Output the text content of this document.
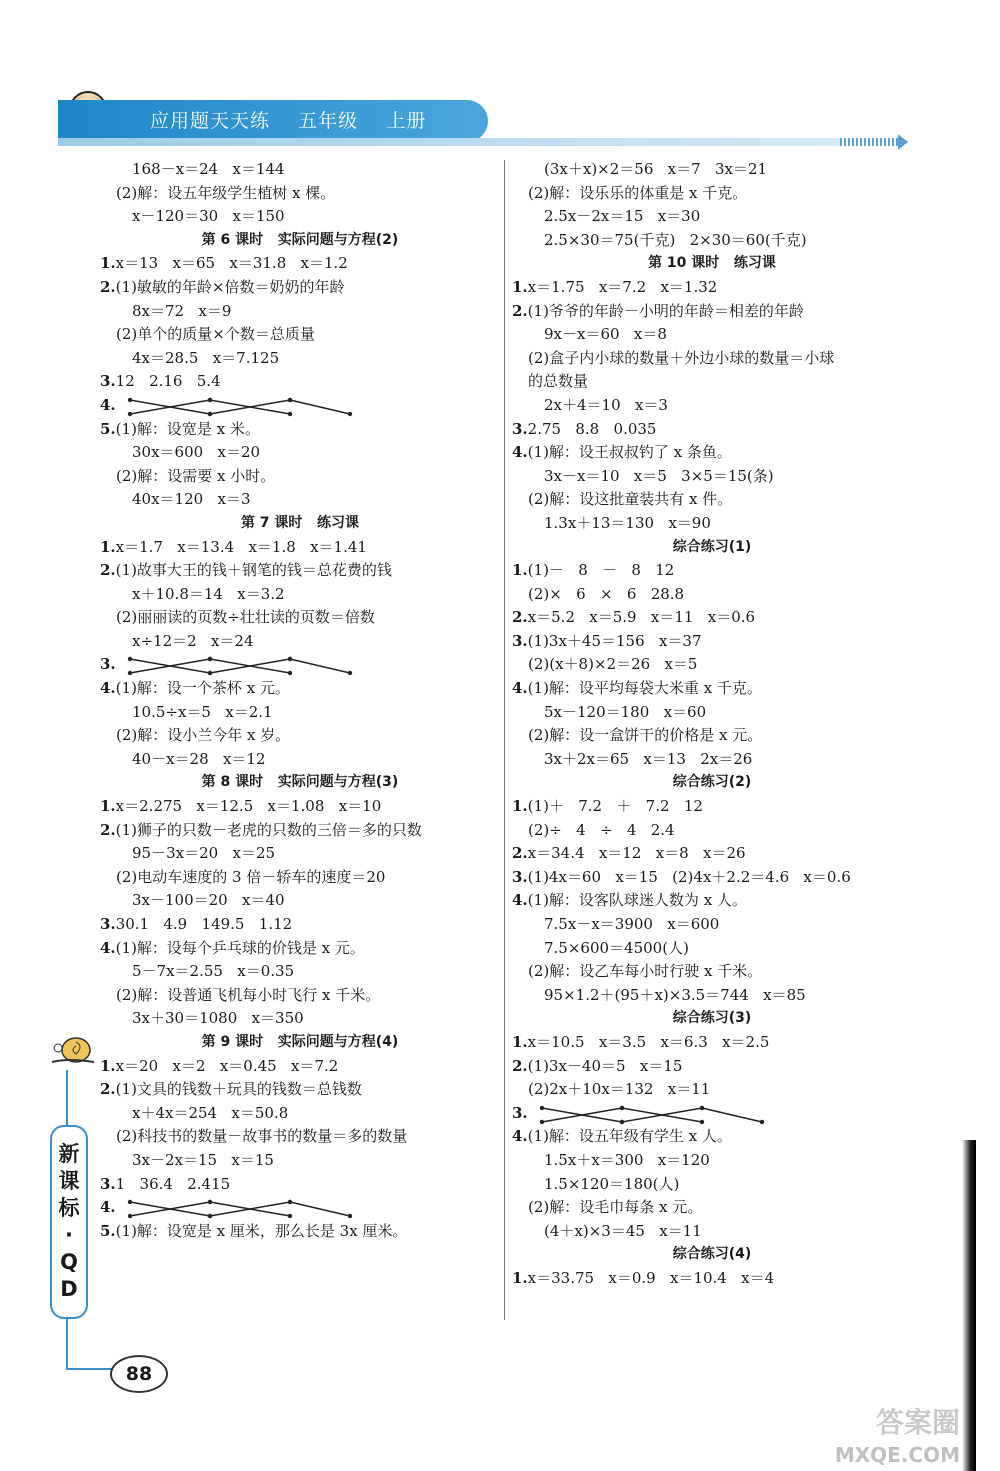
应用题天天练    五年级    上册
168－x＝24   x＝144
(2)解：设五年级学生植树 x 棵。
x－120＝30   x＝150
第 6 课时   实际问题与方程(2)
1.x＝13   x＝65   x＝31.8   x＝1.2
2.(1)敏敏的年龄×倍数＝奶奶的年龄
8x＝72   x＝9
(2)单个的质量×个数＝总质量
4x＝28.5   x＝7.125
3.12   2.16   5.4
4.
5.(1)解：设宽是 x 米。
30x＝600   x＝20
(2)解：设需要 x 小时。
40x＝120   x＝3
第 7 课时   练习课
1.x＝1.7   x＝13.4   x＝1.8   x＝1.41
2.(1)故事大王的钱＋钢笔的钱＝总花费的钱
x＋10.8＝14   x＝3.2
(2)丽丽读的页数÷壮壮读的页数＝倍数
x÷12＝2   x＝24
3.
4.(1)解：设一个茶杯 x 元。
10.5÷x＝5   x＝2.1
(2)解：设小兰今年 x 岁。
40－x＝28   x＝12
第 8 课时   实际问题与方程(3)
1.x＝2.275   x＝12.5   x＝1.08   x＝10
2.(1)狮子的只数－老虎的只数的三倍＝多的只数
95－3x＝20   x＝25
(2)电动车速度的 3 倍－轿车的速度＝20
3x－100＝20   x＝40
3.30.1   4.9   149.5   1.12
4.(1)解：设每个乒乓球的价钱是 x 元。
5－7x＝2.55   x＝0.35
(2)解：设普通飞机每小时飞行 x 千米。
3x＋30＝1080   x＝350
第 9 课时   实际问题与方程(4)
1.x＝20   x＝2   x＝0.45   x＝7.2
2.(1)文具的钱数＋玩具的钱数＝总钱数
x＋4x＝254   x＝50.8
(2)科技书的数量－故事书的数量＝多的数量
3x－2x＝15   x＝15
3.1   36.4   2.415
4.
5.(1)解：设宽是 x 厘米，那么长是 3x 厘米。
(3x＋x)×2＝56   x＝7   3x＝21
(2)解：设乐乐的体重是 x 千克。
2.5x－2x＝15   x＝30
2.5×30＝75(千克)   2×30＝60(千克)
第 10 课时   练习课
1.x＝1.75   x＝7.2   x＝1.32
2.(1)爷爷的年龄－小明的年龄＝相差的年龄
9x－x＝60   x＝8
(2)盒子内小球的数量＋外边小球的数量＝小球
的总数量
2x＋4＝10   x＝3
3.2.75   8.8   0.035
4.(1)解：设王叔叔钓了 x 条鱼。
3x－x＝10   x＝5   3×5＝15(条)
(2)解：设这批童装共有 x 件。
1.3x＋13＝130   x＝90
综合练习(1)
1.(1)－   8   －   8   12
(2)×   6   ×   6   28.8
2.x＝5.2   x＝5.9   x＝11   x＝0.6
3.(1)3x＋45＝156   x＝37
(2)(x＋8)×2＝26   x＝5
4.(1)解：设平均每袋大米重 x 千克。
5x－120＝180   x＝60
(2)解：设一盒饼干的价格是 x 元。
3x＋2x＝65   x＝13   2x＝26
综合练习(2)
1.(1)＋   7.2   ＋   7.2   12
(2)÷   4   ÷   4   2.4
2.x＝34.4   x＝12   x＝8   x＝26
3.(1)4x＝60   x＝15   (2)4x＋2.2＝4.6   x＝0.6
4.(1)解：设客队球迷人数为 x 人。
7.5x－x＝3900   x＝600
7.5×600＝4500(人)
(2)解：设乙车每小时行驶 x 千米。
95×1.2＋(95＋x)×3.5＝744   x＝85
综合练习(3)
1.x＝10.5   x＝3.5   x＝6.3   x＝2.5
2.(1)3x－40＝5   x＝15
(2)2x＋10x＝132   x＝11
3.
4.(1)解：设五年级有学生 x 人。
1.5x＋x＝300   x＝120
1.5×120＝180(人)
(2)解：设毛巾每条 x 元。
(4＋x)×3＝45   x＝11
综合练习(4)
1.x＝33.75   x＝0.9   x＝10.4   x＝4
新
课
标
·
Q
D
88
答案圈
MXQE.COM
